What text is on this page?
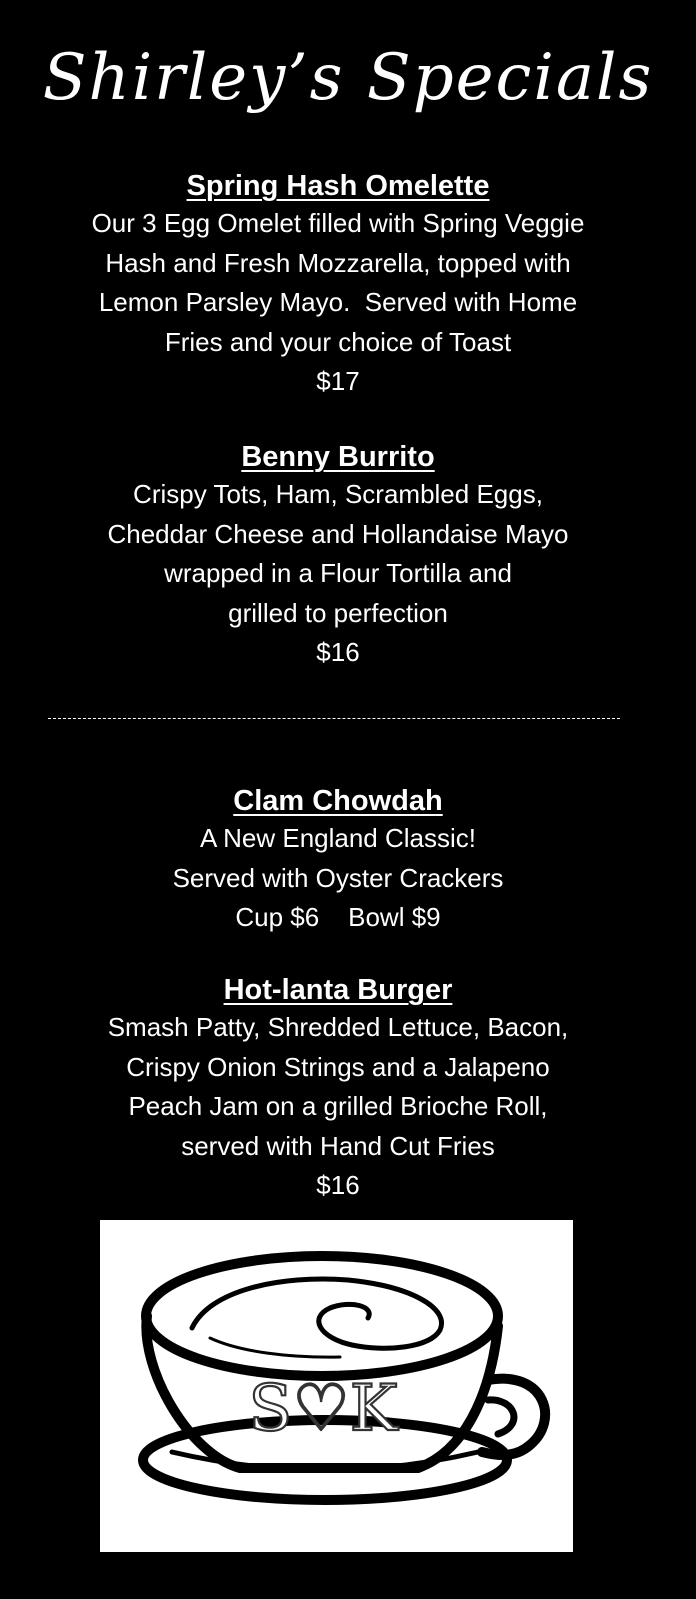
Shirley’s Specials
Spring Hash Omelette
Our 3 Egg Omelet filled with Spring Veggie
Hash and Fresh Mozzarella, topped with
Lemon Parsley Mayo.  Served with Home
Fries and your choice of Toast
$17
Benny Burrito
Crispy Tots, Ham, Scrambled Eggs,
Cheddar Cheese and Hollandaise Mayo
wrapped in a Flour Tortilla and
grilled to perfection
$16
Clam Chowdah
A New England Classic!
Served with Oyster Crackers
Cup $6    Bowl $9
Hot-lanta Burger
Smash Patty, Shredded Lettuce, Bacon,
Crispy Onion Strings and a Jalapeno
Peach Jam on a grilled Brioche Roll,
served with Hand Cut Fries
$16
S♡K
